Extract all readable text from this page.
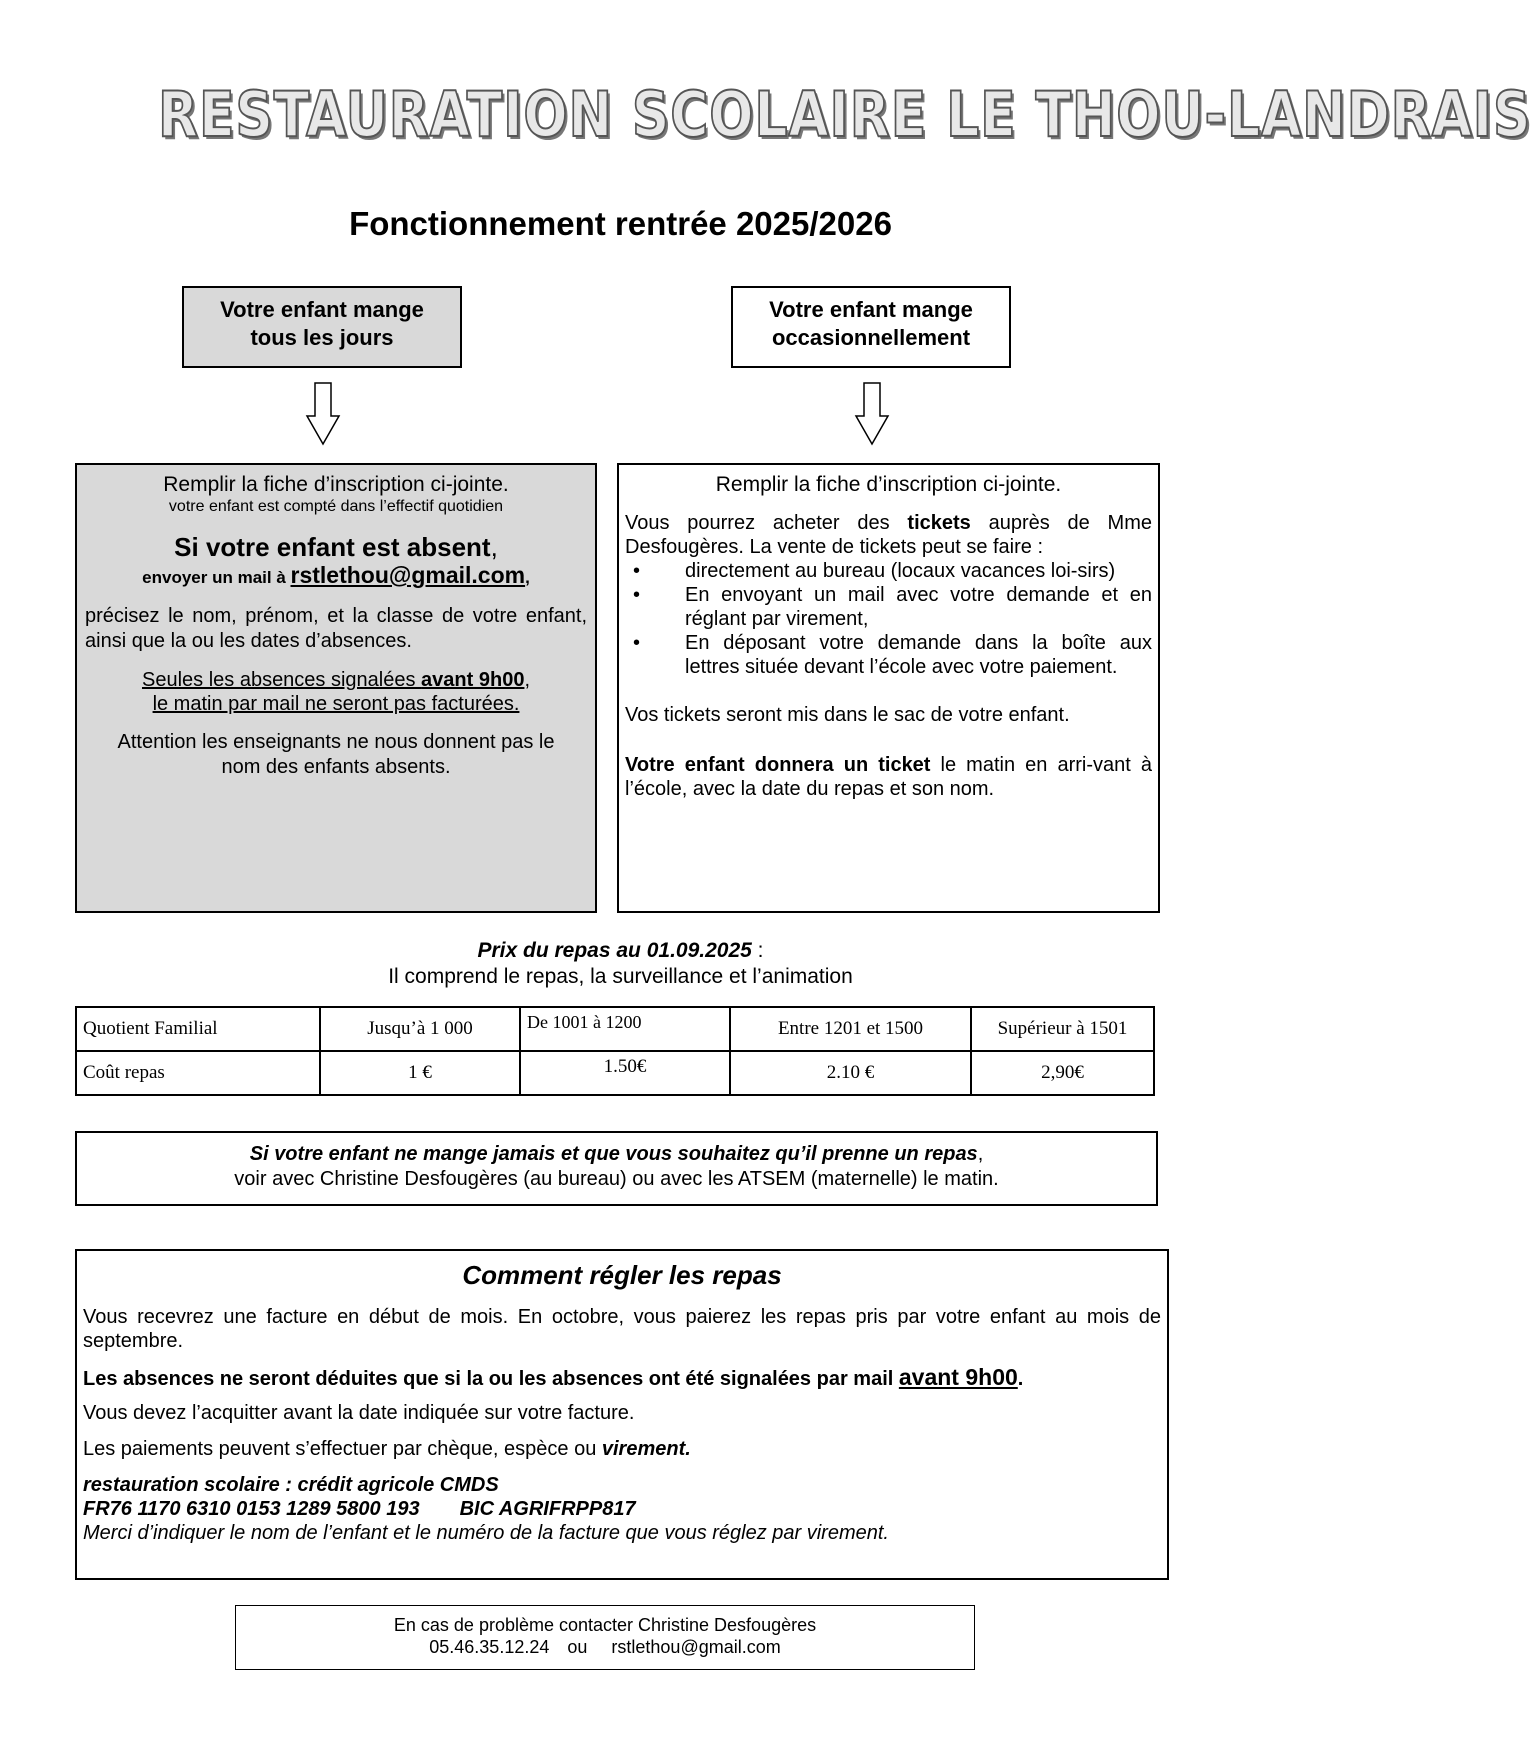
RESTAURATION SCOLAIRE LE THOU-LANDRAIS
Fonctionnement rentrée 2025/2026
Votre enfant mange
tous les jours
Votre enfant mange
occasionnellement

Remplir la fiche d’inscription ci-jointe.

votre enfant est compté dans l’effectif quotidien

Si votre enfant est absent,

envoyer un mail à rstlethou@gmail.com,

précisez le nom, prénom, et la classe de votre enfant, ainsi que la ou les dates d’absences.

Seules les absences signalées avant 9h00,
le matin par mail ne seront pas facturées.

Attention les enseignants ne nous donnent pas le nom des enfants absents.

Remplir la fiche d’inscription ci-jointe.

Vous pourrez acheter des tickets auprès de Mme Desfougères. La vente de tickets peut se faire :

• directement au bureau (locaux vacances loi-sirs)
• En envoyant un mail avec votre demande et en réglant par virement,
• En déposant votre demande dans la boîte aux lettres située devant l’école avec votre paiement.

Vos tickets seront mis dans le sac de votre enfant.

Votre enfant donnera un ticket le matin en arri-vant à l’école, avec la date du repas et son nom.

Prix du repas au 01.09.2025 :
Il comprend le repas, la surveillance et l’animation
Quotient Familial	Jusqu’à 1 000	De 1001 à 1200	Entre 1201 et 1500	Supérieur à 1501
Coût repas	1 €	1.50€	2.10 €	2,90€

Si votre enfant ne mange jamais et que vous souhaitez qu’il prenne un repas,

voir avec Christine Desfougères (au bureau) ou avec les ATSEM (maternelle) le matin.

Comment régler les repas

Vous recevrez une facture en début de mois. En octobre, vous paierez les repas pris par votre enfant au mois de septembre.

Les absences ne seront déduites que si la ou les absences ont été signalées par mail avant 9h00.

Vous devez l’acquitter avant la date indiquée sur votre facture.

Les paiements peuvent s’effectuer par chèque, espèce ou virement.

restauration scolaire : crédit agricole CMDS

FR76 1170 6310 0153 1289 5800 193 BIC AGRIFRPP817

Merci d’indiquer le nom de l’enfant et le numéro de la facture que vous réglez par virement.

En cas de problème contacter Christine Desfougères

05.46.35.12.24 ou rstlethou@gmail.com
